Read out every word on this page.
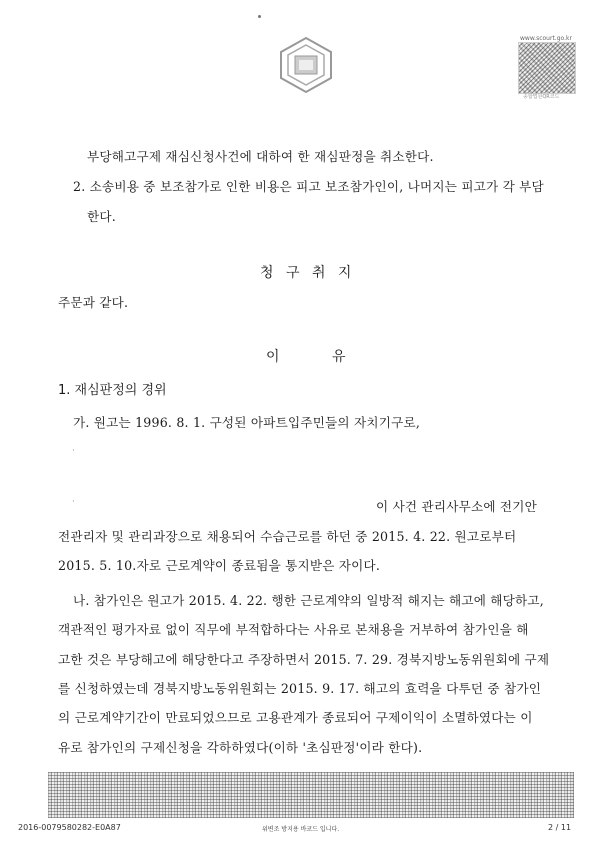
www.scourt.go.kr
종합법원QR코드
부당해고구제 재심신청사건에 대하여 한 재심판정을 취소한다.
2. 소송비용 중 보조참가로 인한 비용은 피고 보조참가인이, 나머지는 피고가 각 부담
한다.
청 구 취 지
주문과 같다.
이 유
1. 재심판정의 경위
가. 원고는 1996. 8. 1. 구성된 아파트입주민들의 자치기구로,
·
·	이 사건 관리사무소에 전기안
전관리자 및 관리과장으로 채용되어 수습근로를 하던 중 2015. 4. 22. 원고로부터
2015. 5. 10.자로 근로계약이 종료됨을 통지받은 자이다.
나. 참가인은 원고가 2015. 4. 22. 행한 근로계약의 일방적 해지는 해고에 해당하고,
객관적인 평가자료 없이 직무에 부적합하다는 사유로 본채용을 거부하여 참가인을 해
고한 것은 부당해고에 해당한다고 주장하면서 2015. 7. 29. 경북지방노동위원회에 구제
를 신청하였는데 경북지방노동위원회는 2015. 9. 17. 해고의 효력을 다투던 중 참가인
의 근로계약기간이 만료되었으므로 고용관계가 종료되어 구제이익이 소멸하였다는 이
유로 참가인의 구제신청을 각하하였다(이하 '초심판정'이라 한다).
2016-0079580282-E0A87	위변조 방지용 바코드 입니다.	2 / 11
